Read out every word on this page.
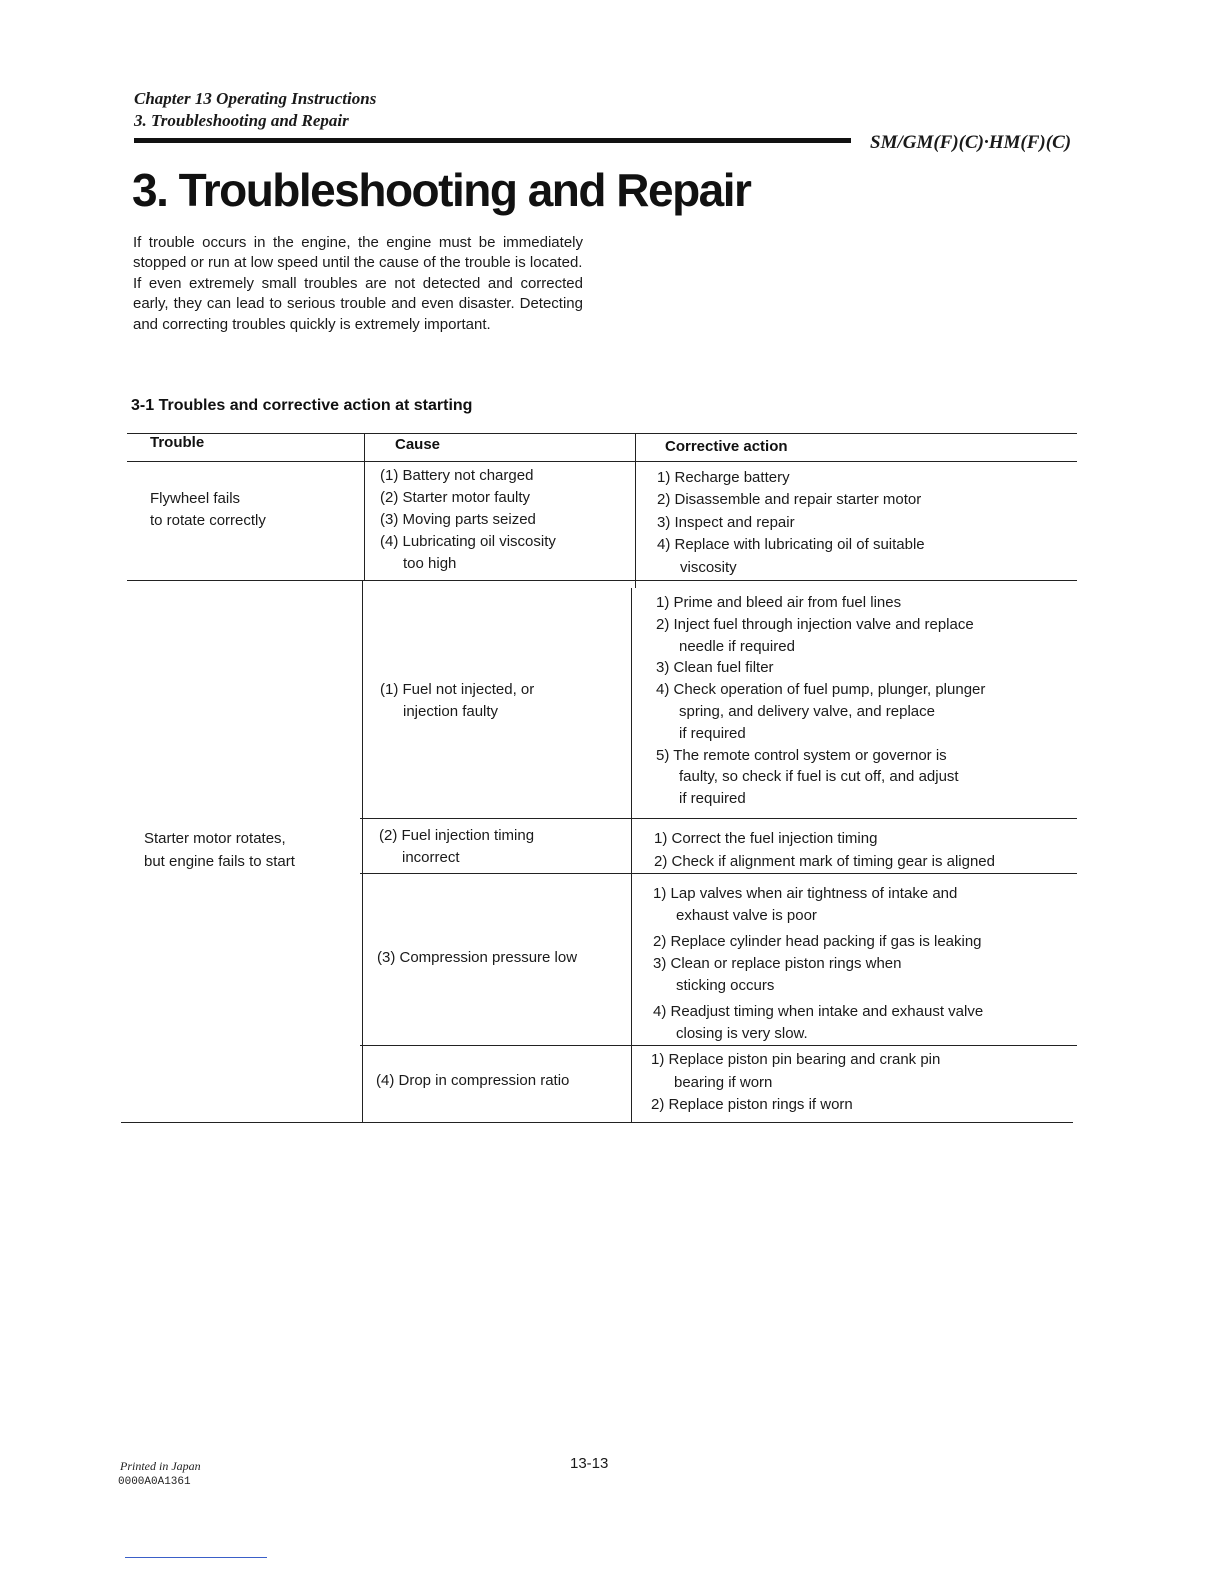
Chapter 13 Operating Instructions
3. Troubleshooting and Repair
SM/GM(F)(C)·HM(F)(C)
3. Troubleshooting and Repair

If trouble occurs in the engine, the engine must be immediately stopped or run at low speed until the cause of the trouble is located.

If even extremely small troubles are not detected and corrected early, they can lead to serious trouble and even disaster. Detecting and correcting troubles quickly is extremely important.

3-1 Troubles and corrective action at starting
Trouble	Cause	Corrective action
Flywheel fails
to rotate correctly
(1) Battery not charged
(2) Starter motor faulty
(3) Moving parts seized
(4) Lubricating oil viscosity
too high
1) Recharge battery
2) Disassemble and repair starter motor
3) Inspect and repair
4) Replace with lubricating oil of suitable
viscosity
Starter motor rotates,
but engine fails to start
(1) Fuel not injected, or
injection faulty
1) Prime and bleed air from fuel lines
2) Inject fuel through injection valve and replace
needle if required
3) Clean fuel filter
4) Check operation of fuel pump, plunger, plunger
spring, and delivery valve, and replace
if required
5) The remote control system or governor is
faulty, so check if fuel is cut off, and adjust
if required
(2) Fuel injection timing
incorrect
1) Correct the fuel injection timing
2) Check if alignment mark of timing gear is aligned
(3) Compression pressure low
1) Lap valves when air tightness of intake and
exhaust valve is poor
2) Replace cylinder head packing if gas is leaking
3) Clean or replace piston rings when
sticking occurs
4) Readjust timing when intake and exhaust valve
closing is very slow.
(4) Drop in compression ratio
1) Replace piston pin bearing and crank pin
bearing if worn
2) Replace piston rings if worn
Printed in Japan
0000A0A1361
13-13
